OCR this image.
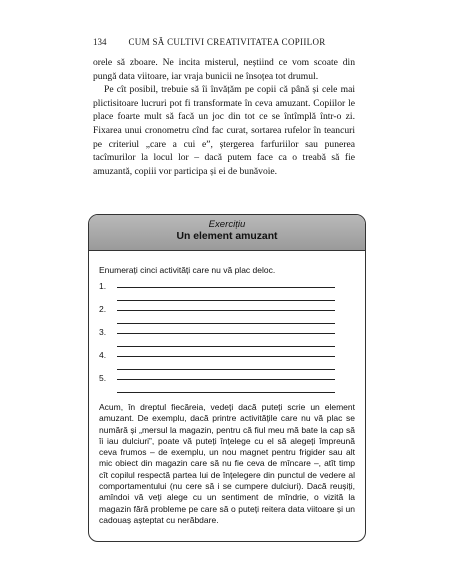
134 CUM SĂ CULTIVI CREATIVITATEA COPIILOR

orele să zboare. Ne incita misterul, neștiind ce vom scoate din pungă data viitoare, iar vraja bunicii ne însoțea tot drumul.

Pe cît posibil, trebuie să îi învățăm pe copii că până și cele mai plictisitoare lucruri pot fi transformate în ceva amuzant. Copiilor le place foarte mult să facă un joc din tot ce se întîmplă într-o zi. Fixarea unui cronometru cînd fac curat, sortarea rufelor în teancuri pe criteriul „care a cui e”, ștergerea farfuriilor sau punerea tacîmurilor la locul lor – dacă putem face ca o treabă să fie amuzantă, copiii vor participa și ei de bunăvoie.

Exercițiu
Un element amuzant

Enumerați cinci activități care nu vă plac deloc.

1.
2.
3.
4.
5.

Acum, în dreptul fiecăreia, vedeți dacă puteți scrie un element amuzant. De exemplu, dacă printre activitățile care nu vă plac se numără și „mersul la magazin, pentru că fiul meu mă bate la cap să îi iau dulciuri”, poate vă puteți înțelege cu el să alegeți împreună ceva frumos – de exemplu, un nou magnet pentru frigider sau alt mic obiect din magazin care să nu fie ceva de mîncare –, atît timp cît copilul respectă partea lui de înțelegere din punctul de vedere al comportamentului (nu cere să i se cumpere dulciuri). Dacă reușiți, amîndoi vă veți alege cu un sentiment de mîndrie, o vizită la magazin fără probleme pe care să o puteți reitera data viitoare și un cadouaș așteptat cu nerăbdare.
